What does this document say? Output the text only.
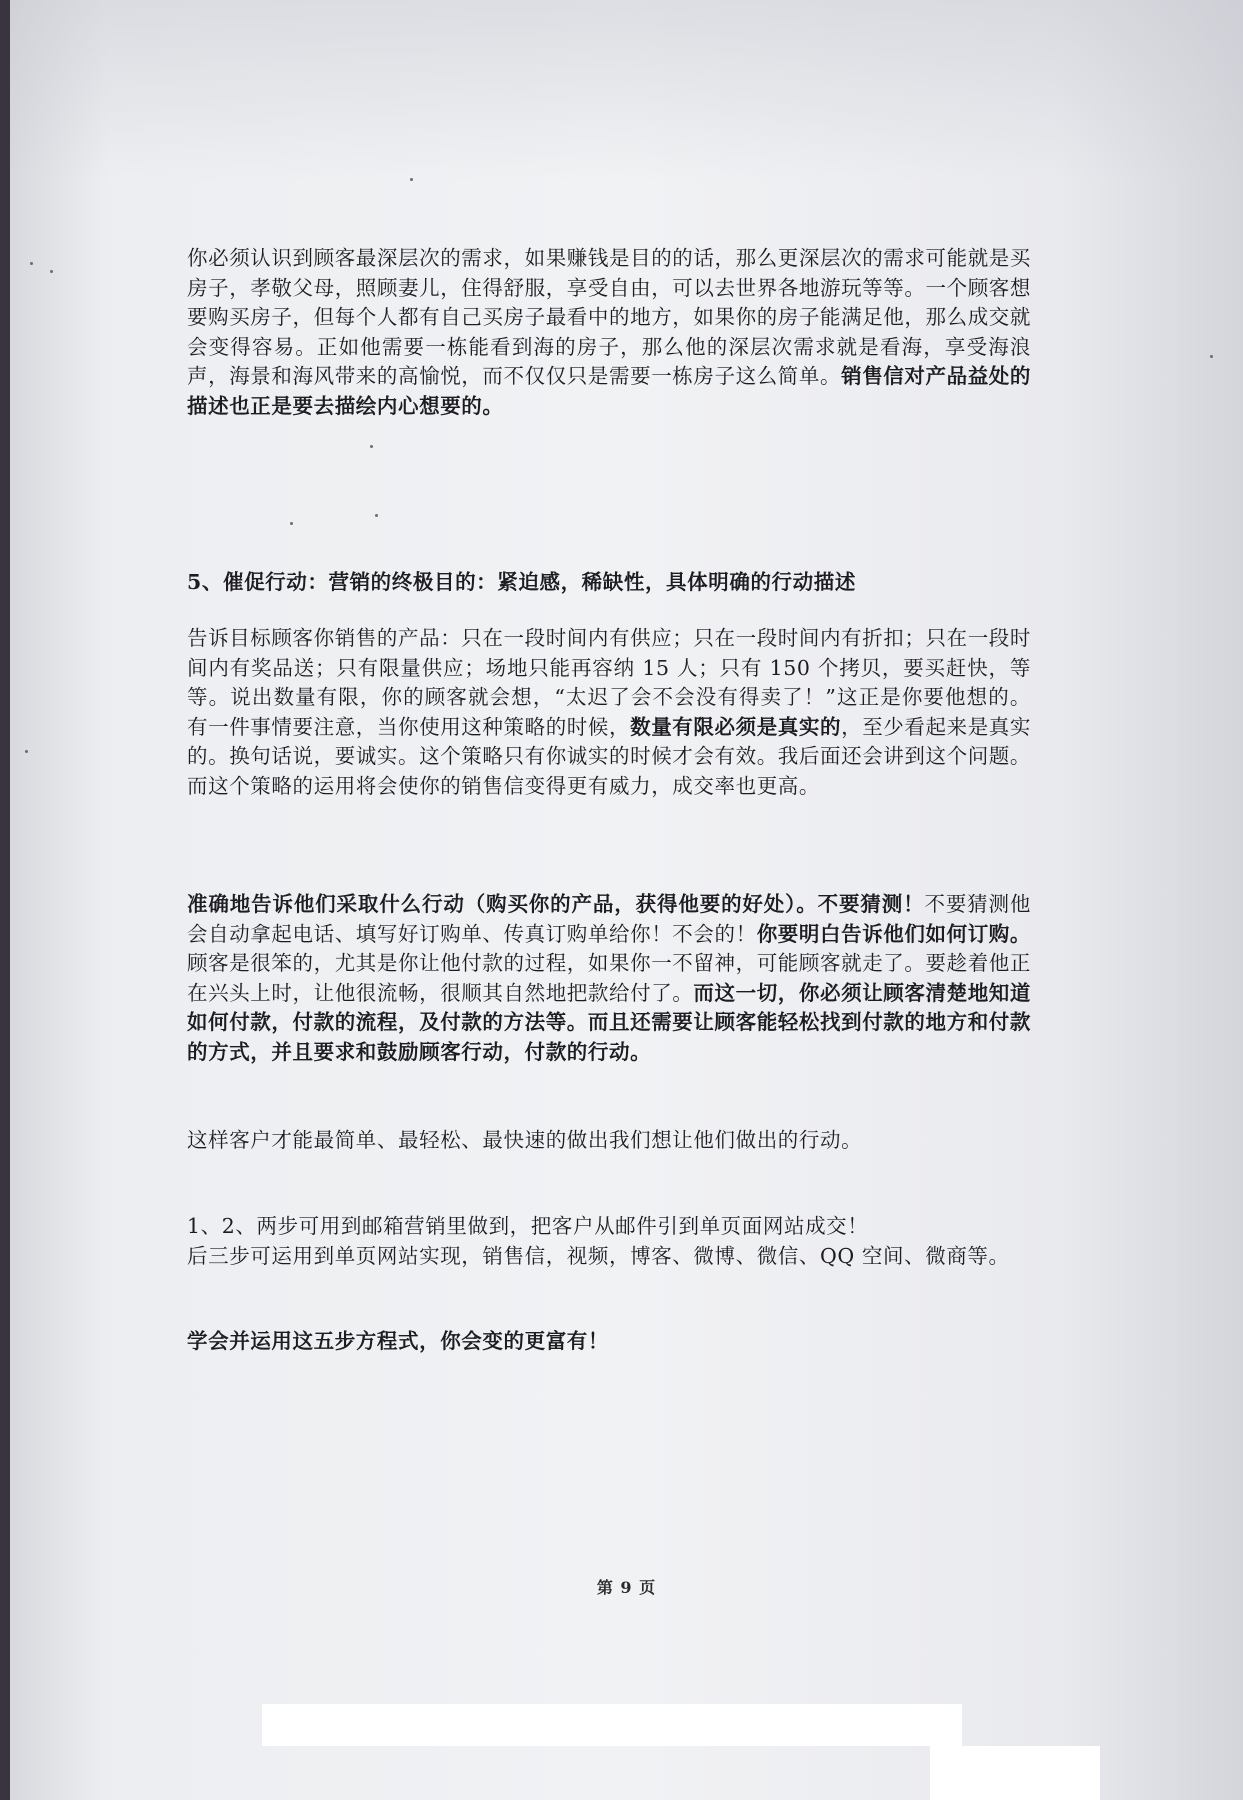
你必须认识到顾客最深层次的需求，如果赚钱是目的的话，那么更深层次的需求可能就是买房子，孝敬父母，照顾妻儿，住得舒服，享受自由，可以去世界各地游玩等等。一个顾客想要购买房子，但每个人都有自己买房子最看中的地方，如果你的房子能满足他，那么成交就会变得容易。正如他需要一栋能看到海的房子，那么他的深层次需求就是看海，享受海浪声，海景和海风带来的高愉悦，而不仅仅只是需要一栋房子这么简单。销售信对产品益处的描述也正是要去描绘内心想要的。

5、催促行动：营销的终极目的：紧迫感，稀缺性，具体明确的行动描述

告诉目标顾客你销售的产品：只在一段时间内有供应；只在一段时间内有折扣；只在一段时间内有奖品送；只有限量供应；场地只能再容纳 15 人；只有 150 个拷贝，要买赶快，等等。说出数量有限，你的顾客就会想，“太迟了会不会没有得卖了！”这正是你要他想的。有一件事情要注意，当你使用这种策略的时候，数量有限必须是真实的，至少看起来是真实的。换句话说，要诚实。这个策略只有你诚实的时候才会有效。我后面还会讲到这个问题。而这个策略的运用将会使你的销售信变得更有威力，成交率也更高。

准确地告诉他们采取什么行动（购买你的产品，获得他要的好处）。不要猜测！不要猜测他会自动拿起电话、填写好订购单、传真订购单给你！不会的！你要明白告诉他们如何订购。顾客是很笨的，尤其是你让他付款的过程，如果你一不留神，可能顾客就走了。要趁着他正在兴头上时，让他很流畅，很顺其自然地把款给付了。而这一切，你必须让顾客清楚地知道如何付款，付款的流程，及付款的方法等。而且还需要让顾客能轻松找到付款的地方和付款的方式，并且要求和鼓励顾客行动，付款的行动。

这样客户才能最简单、最轻松、最快速的做出我们想让他们做出的行动。

1、2、两步可用到邮箱营销里做到，把客户从邮件引到单页面网站成交！

后三步可运用到单页网站实现，销售信，视频，博客、微博、微信、QQ 空间、微商等。

学会并运用这五步方程式，你会变的更富有！

第 9 页
